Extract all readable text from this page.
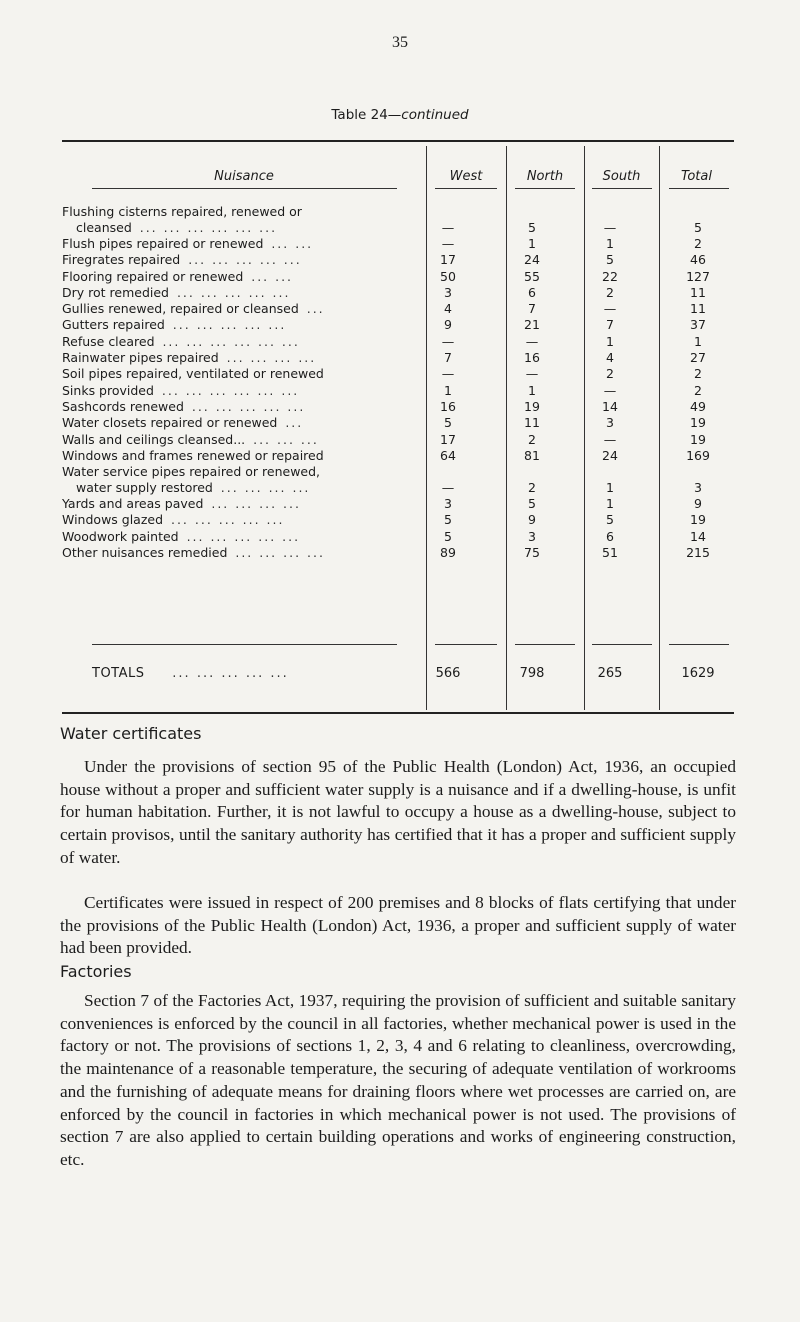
35
Table 24—continued
Nuisance	West	North	South	Total
Flushing cisterns repaired, renewed or
cleansed ... ... ... ... ... ...	—	5	—	5
Flush pipes repaired or renewed ... ...	—	1	1	2
Firegrates repaired ... ... ... ... ...	17	24	5	46
Flooring repaired or renewed ... ...	50	55	22	127
Dry rot remedied ... ... ... ... ...	3	6	2	11
Gullies renewed, repaired or cleansed ...	4	7	—	11
Gutters repaired ... ... ... ... ...	9	21	7	37
Refuse cleared ... ... ... ... ... ...	—	—	1	1
Rainwater pipes repaired ... ... ... ...	7	16	4	27
Soil pipes repaired, ventilated or renewed	—	—	2	2
Sinks provided ... ... ... ... ... ...	1	1	—	2
Sashcords renewed ... ... ... ... ...	16	19	14	49
Water closets repaired or renewed ...	5	11	3	19
Walls and ceilings cleansed... ... ... ...	17	2	—	19
Windows and frames renewed or repaired	64	81	24	169
Water service pipes repaired or renewed,
water supply restored ... ... ... ...	—	2	1	3
Yards and areas paved ... ... ... ...	3	5	1	9
Windows glazed ... ... ... ... ...	5	9	5	19
Woodwork painted ... ... ... ... ...	5	3	6	14
Other nuisances remedied ... ... ... ...	89	75	51	215
TOTALS ... ... ... ... ...	566	798	265	1629
Water certificates

Under the provisions of section 95 of the Public Health (London) Act, 1936, an occupied house without a proper and sufficient water supply is a nuisance and if a dwelling-house, is unfit for human habitation. Further, it is not lawful to occupy a house as a dwelling-house, subject to certain provisos, until the sanitary authority has certified that it has a proper and sufficient supply of water.

Certificates were issued in respect of 200 premises and 8 blocks of flats certifying that under the provisions of the Public Health (London) Act, 1936, a proper and sufficient supply of water had been provided.

Factories

Section 7 of the Factories Act, 1937, requiring the provision of sufficient and suitable sanitary conveniences is enforced by the council in all factories, whether mechanical power is used in the factory or not. The provisions of sections 1, 2, 3, 4 and 6 relating to cleanliness, overcrowding, the maintenance of a reasonable temperature, the securing of adequate ventilation of workrooms and the furnishing of adequate means for draining floors where wet processes are carried on, are enforced by the council in factories in which mechanical power is not used. The provisions of section 7 are also applied to certain building operations and works of engineering construction, etc.
